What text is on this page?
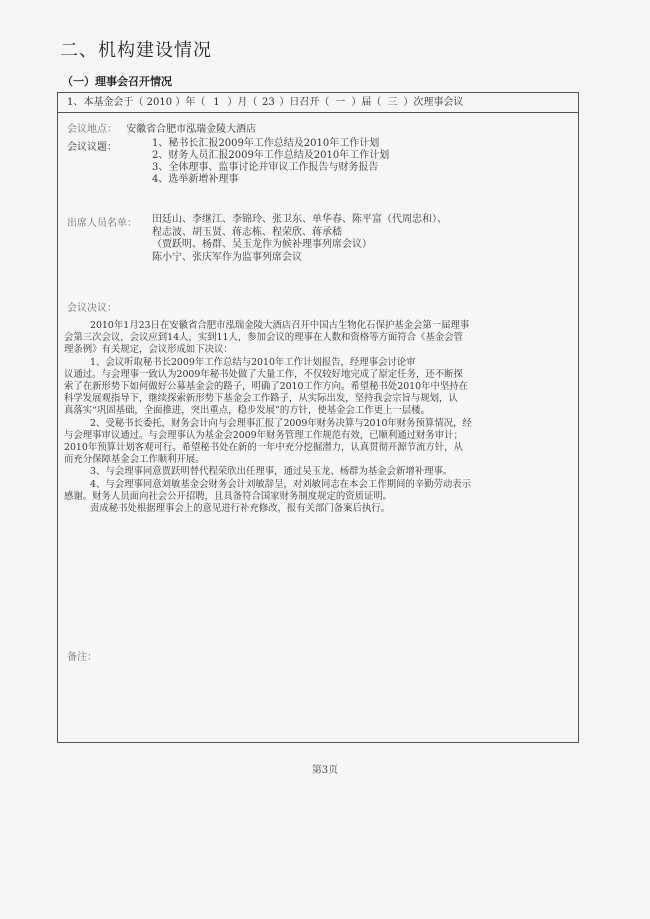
二、机构建设情况
（一）理事会召开情况
1、本基金会于（ 2010 ）年（ 1 ）月（ 23 ）日召开（ 一 ）届（ 三 ）次理事会议
会议地点： 安徽省合肥市泓瑞金陵大酒店
会议议题：	1、秘书长汇报2009年工作总结及2010年工作计划
2、财务人员汇报2009年工作总结及2010年工作计划
3、全体理事、监事讨论并审议工作报告与财务报告
4、选举新增补理事
出席人员名单： 田廷山、李继江、李锦玲、张卫东、单华春、陈平富（代周忠和）、
程志波、胡玉贤、蒋志栋、程荣欣、蒋承嵇
（贾跃明、杨群、吴玉龙作为候补理事列席会议）
陈小宁、张庆军作为监事列席会议
会议决议：
2010年1月23日在安徽省合肥市泓瑞金陵大酒店召开中国古生物化石保护基金会第一届理事
会第三次会议，会议应到14人，实到11人，参加会议的理事在人数和资格等方面符合《基金会管
理条例》有关规定，会议形成如下决议：
1、会议听取秘书长2009年工作总结与2010年工作计划报告，经理事会讨论审
议通过。与会理事一致认为2009年秘书处做了大量工作，不仅较好地完成了原定任务，还不断探
索了在新形势下如何做好公募基金会的路子，明确了2010工作方向。希望秘书处2010年中坚持在
科学发展观指导下，继续探索新形势下基金会工作路子，从实际出发，坚持我会宗旨与规划，认
真落实“巩固基础，全面推进，突出重点，稳步发展”的方针，使基金会工作更上一层楼。
2、受秘书长委托，财务会计向与会理事汇报了2009年财务决算与2010年财务预算情况，经
与会理事审议通过。与会理事认为基金会2009年财务管理工作规范有效，已顺利通过财务审计；
2010年预算计划客观可行。希望秘书处在新的一年中充分挖掘潜力，认真贯彻开源节流方针，从
而充分保障基金会工作顺利开展。
3、与会理事同意贾跃明替代程荣欣出任理事，通过吴玉龙、杨群为基金会新增补理事。
4、与会理事同意刘敏基金会财务会计刘敏辞呈，对刘敏同志在本会工作期间的辛勤劳动表示
感谢。财务人员面向社会公开招聘，且具备符合国家财务制度规定的资质证明。
责成秘书处根据理事会上的意见进行补充修改，报有关部门备案后执行。
备注：
第3页
